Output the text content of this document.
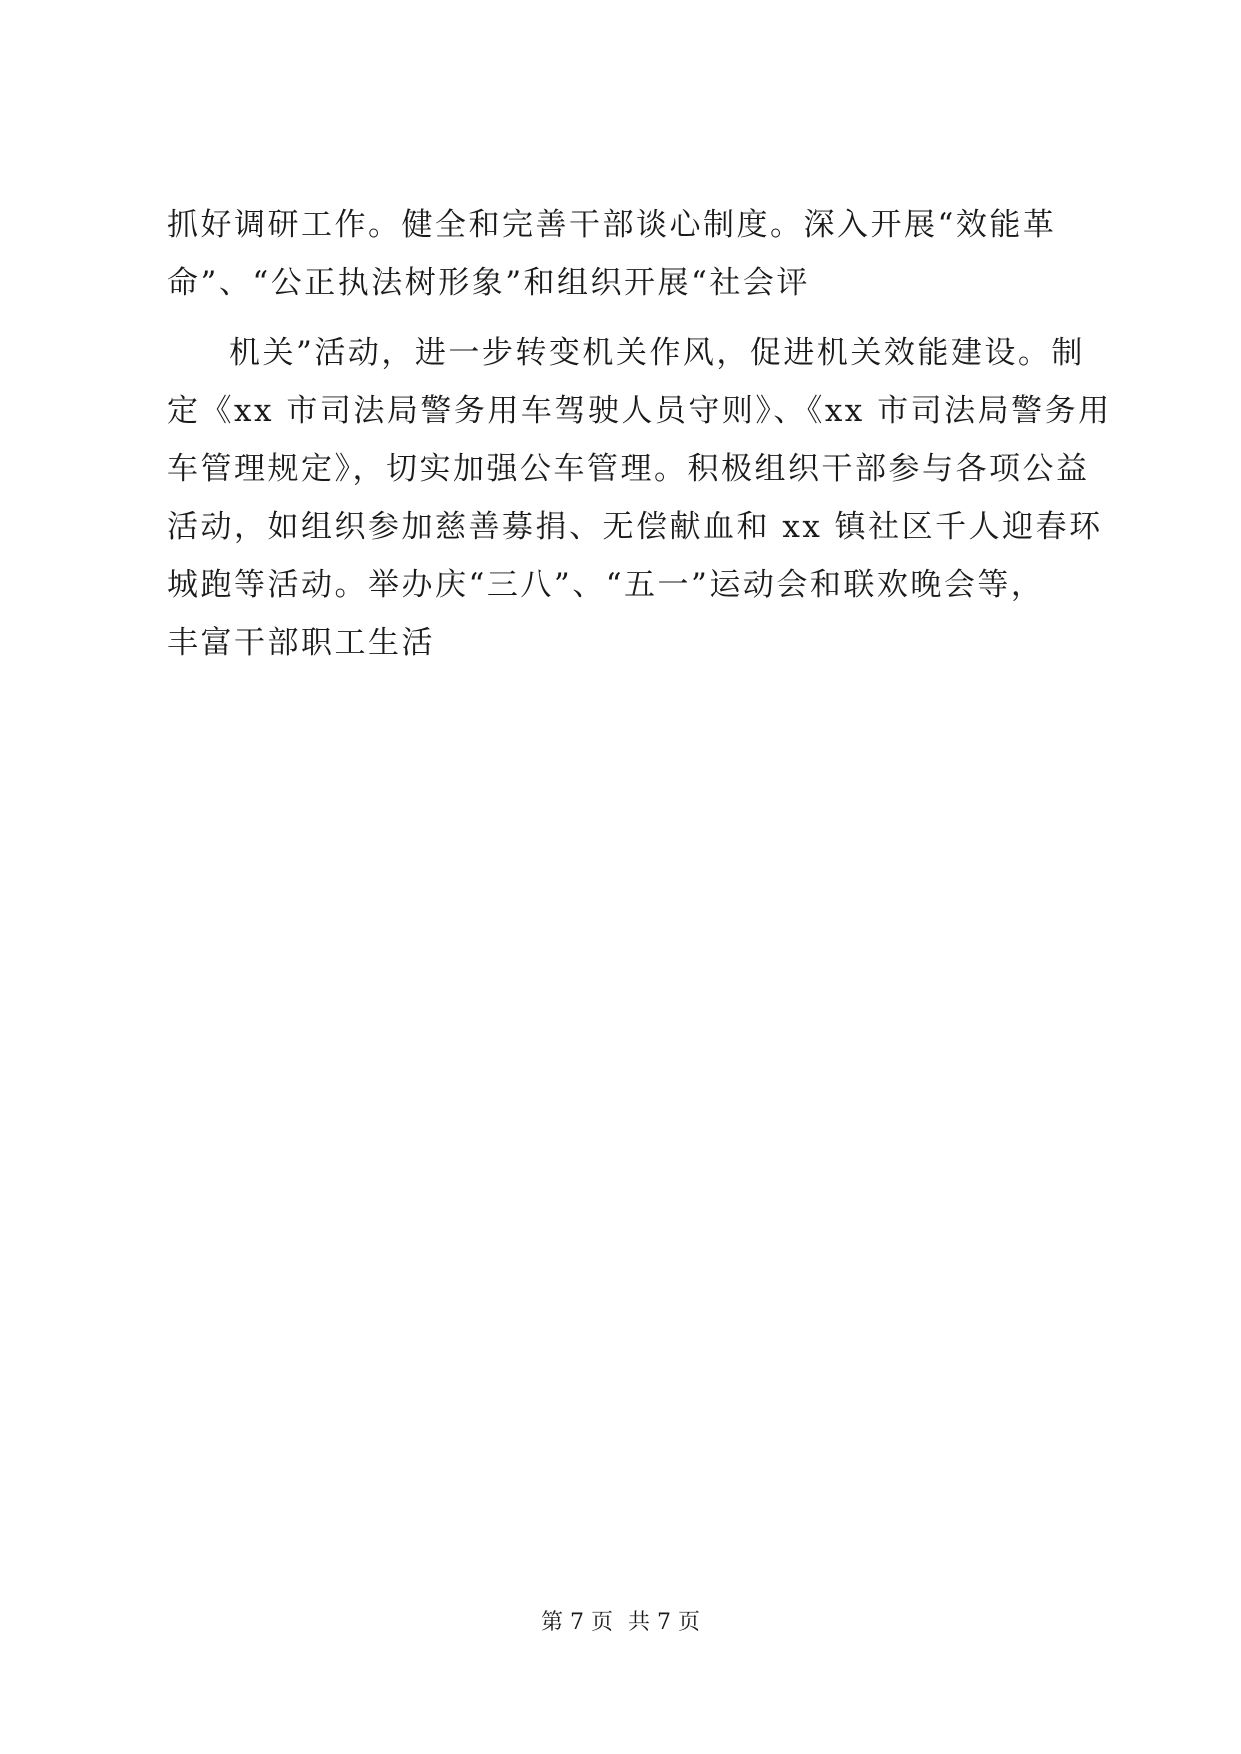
抓好调研工作。健全和完善干部谈心制度。深入开展“效能革
命”、“公正执法树形象”和组织开展“社会评
机关”活动，进一步转变机关作风，促进机关效能建设。制
定《xx 市司法局警务用车驾驶人员守则》、《xx 市司法局警务用
车管理规定》，切实加强公车管理。积极组织干部参与各项公益
活动，如组织参加慈善募捐、无偿献血和 xx 镇社区千人迎春环
城跑等活动。举办庆“三八”、“五一”运动会和联欢晚会等，
丰富干部职工生活
第 7 页 共 7 页
